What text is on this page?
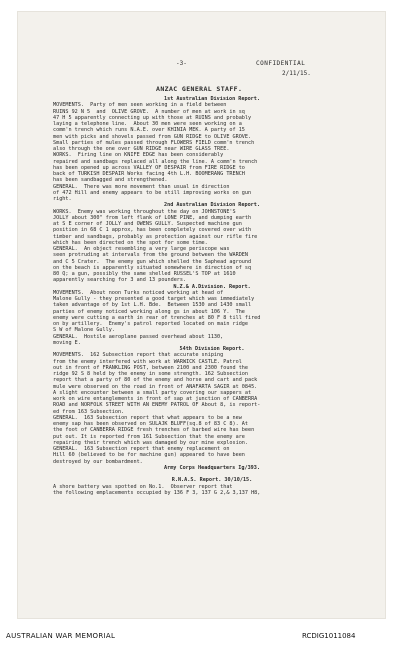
-3-	CONFIDENTIAL
2/11/15.
ANZAC GENERAL STAFF.
1st Australian Division Report.
MOVEMENTS.  Party of men seen working in a field between
RUINS 92 N 5  and  OLIVE GROVE.  A number of men at work in sq
47 H 5 apparently connecting up with those at RUINS and probably
laying a telephone line.  About 30 men were seen working on a
comm'n trench which runs N.A.E. over KHINIA MEK. A party of 15
men with picks and shovels passed from GUN RIDGE to OLIVE GROVE.
Small parties of mules passed through FLOWERS FIELD comm'n trench
also through the one over GUN RIDGE near WIRE GLASS TREE.
WORKS.  Firing line on KNIFE EDGE has been considerably
repaired and sandbags replaced all along the line. A comm'n trench
has been opened up across VALLEY OF DESPAIR from FIRE RIDGE to
back of TURKISH DESPAIR Works facing 4th L.H. BOOMERANG TRENCH
has been sandbagged and strengthened.
GENERAL.  There was more movement than usual in direction
of 472 Hill and enemy appears to be still improving works on gun
right.
2nd Australian Division Report.
WORKS.  Enemy was working throughout the day on JOHNSTONE'S
JOLLY about 300" from left flank of LONE PINE, and dumping earth
at S E corner of JOLLY and OWENS GULLY. Suspected machine gun
position in 68 C 1 approx, has been completely covered over with
timber and sandbags, probably as protection against our rifle fire
which has been directed on the spot for some time.
GENERAL.  An object resembling a very large periscope was
seen protruding at intervals from the ground between the WARDEN
and C 5 Crater.  The enemy gun which shelled the Saphead aground
on the beach is apparently situated somewhere in direction of sq
80 Q; a gun, possibly the same shelled RUSSEL'S TOP at 1610
apparently searching for 3 and 13 pounders.
N.Z.& A.Division. Report.
MOVEMENTS.  About noon Turks noticed working at head of
Malone Gully - they presented a good target which was immediately
taken advantage of by 1st L.H. Bde.  Between 1530 and 1430 small
parties of enemy noticed working along gs in about 106 Y.  The
enemy were cutting a earth in rear of trenches at 80 F 8 till fired
on by artillery.  Enemy's patrol reported located on main ridge
S W of Malone Gully.
GENERAL.  Hostile aeroplane passed overhead about 1130,
moving E.
54th Division Report.
MOVEMENTS.  162 Subsection report that accurate sniping
from the enemy interfered with work at WARWICK CASTLE. Patrol
out in front of FRANKLING POST, between 2100 and 2300 found the
ridge 92 S 8 held by the enemy in some strength. 162 Subsection
report that a party of 80 of the enemy and horse and cart and pack
mule were observed on the road in front of ANAFARTA SAGIR at 0845.
A slight encounter between a small party covering our sappers at
work on wire entanglements in front of sap at junction of CANBERRA
ROAD and NORFOLK STREET WITH AN ENEMY PATROL OF About 8, is report-
ed from 163 Subsection.
GENERAL.  163 Subsection report that what appears to be a new
enemy sap has been observed on SULAJK BLUFF(sq.8 of 83 C 8). At
the foot of CANBERRA RIDGE fresh trenches of barbed wire has been
put out. It is reported from 161 Subsection that the enemy are
repairing their trench which was damaged by our mine explosion.
GENERAL.  163 Subsection report that enemy replacement on
Hill 60 (believed to be for machine gun) appeared to have been
destroyed by our bombardment.
Army Corps Headquarters Ig/393.
R.N.A.S. Report. 30/10/15.
A shore battery was spotted on No.1.  Observer report that
the following emplacements occupied by 136 F 3, 137 G 2,& 3,137 H8,
AUSTRALIAN WAR MEMORIAL	RCDIG1011084
